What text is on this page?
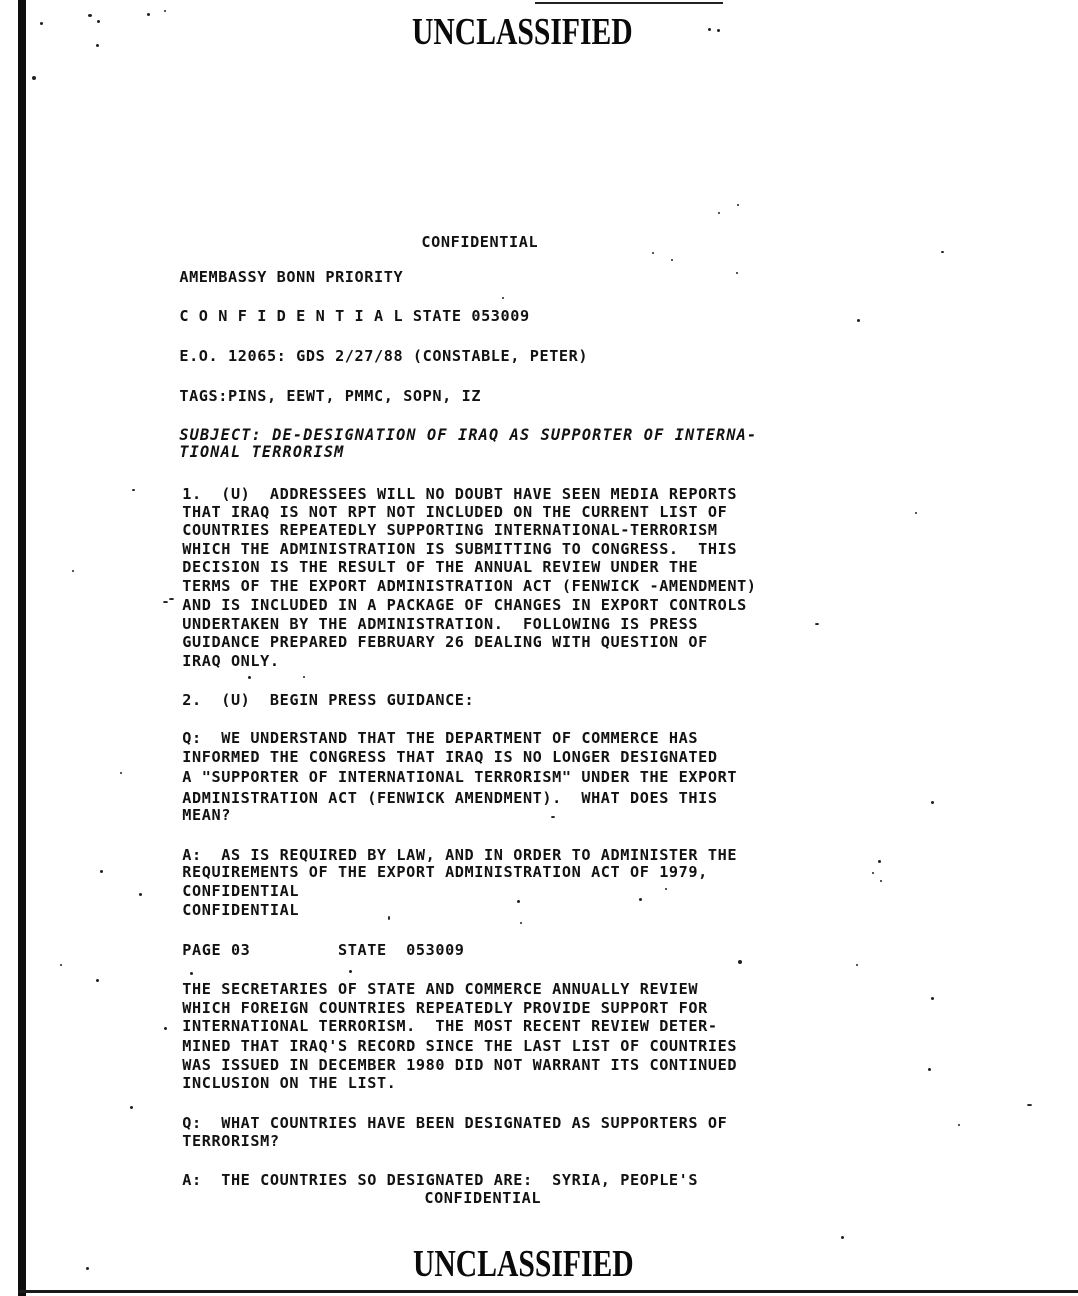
UNCLASSIFIED
UNCLASSIFIED

CONFIDENTIAL

AMEMBASSY BONN PRIORITY

C O N F I D E N T I A L STATE 053009

E.O. 12065: GDS 2/27/88 (CONSTABLE, PETER)

TAGS:PINS, EEWT, PMMC, SOPN, IZ

SUBJECT: DE-DESIGNATION OF IRAQ AS SUPPORTER OF INTERNA-

TIONAL TERRORISM

1.  (U)  ADDRESSEES WILL NO DOUBT HAVE SEEN MEDIA REPORTS

THAT IRAQ IS NOT RPT NOT INCLUDED ON THE CURRENT LIST OF

COUNTRIES REPEATEDLY SUPPORTING INTERNATIONAL-TERRORISM

WHICH THE ADMINISTRATION IS SUBMITTING TO CONGRESS.  THIS

DECISION IS THE RESULT OF THE ANNUAL REVIEW UNDER THE

TERMS OF THE EXPORT ADMINISTRATION ACT (FENWICK -AMENDMENT)

AND IS INCLUDED IN A PACKAGE OF CHANGES IN EXPORT CONTROLS

UNDERTAKEN BY THE ADMINISTRATION.  FOLLOWING IS PRESS

GUIDANCE PREPARED FEBRUARY 26 DEALING WITH QUESTION OF

IRAQ ONLY.

2.  (U)  BEGIN PRESS GUIDANCE:

Q:  WE UNDERSTAND THAT THE DEPARTMENT OF COMMERCE HAS

INFORMED THE CONGRESS THAT IRAQ IS NO LONGER DESIGNATED

A "SUPPORTER OF INTERNATIONAL TERRORISM" UNDER THE EXPORT

ADMINISTRATION ACT (FENWICK AMENDMENT).  WHAT DOES THIS

MEAN?

A:  AS IS REQUIRED BY LAW, AND IN ORDER TO ADMINISTER THE

REQUIREMENTS OF THE EXPORT ADMINISTRATION ACT OF 1979,

CONFIDENTIAL

CONFIDENTIAL

PAGE 03         STATE  053009

THE SECRETARIES OF STATE AND COMMERCE ANNUALLY REVIEW

WHICH FOREIGN COUNTRIES REPEATEDLY PROVIDE SUPPORT FOR

INTERNATIONAL TERRORISM.  THE MOST RECENT REVIEW DETER-

MINED THAT IRAQ'S RECORD SINCE THE LAST LIST OF COUNTRIES

WAS ISSUED IN DECEMBER 1980 DID NOT WARRANT ITS CONTINUED

INCLUSION ON THE LIST.

Q:  WHAT COUNTRIES HAVE BEEN DESIGNATED AS SUPPORTERS OF

TERRORISM?

A:  THE COUNTRIES SO DESIGNATED ARE:  SYRIA, PEOPLE'S

CONFIDENTIAL
